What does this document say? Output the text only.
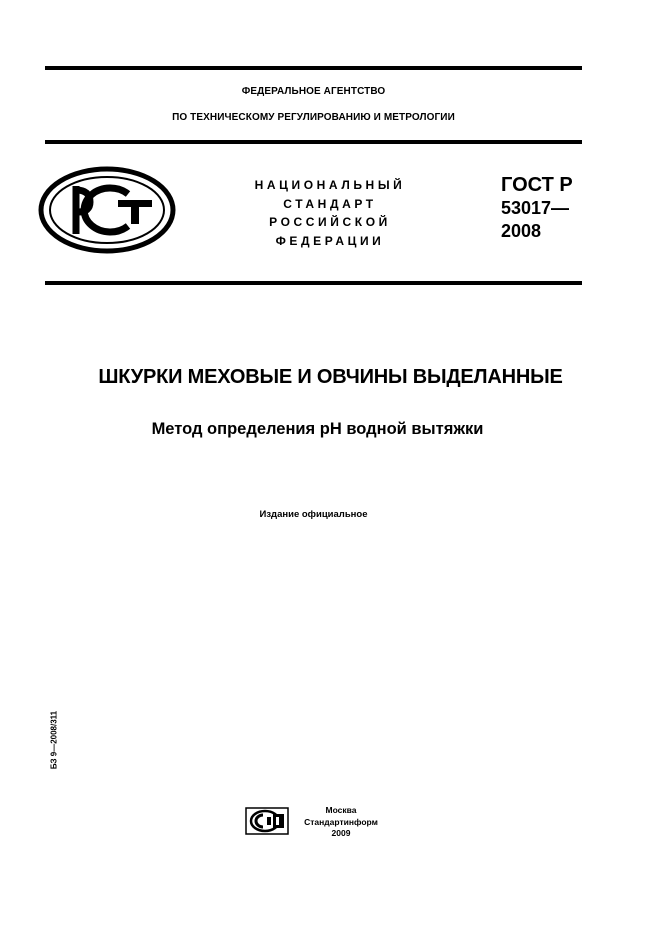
ФЕДЕРАЛЬНОЕ АГЕНТСТВО
ПО ТЕХНИЧЕСКОМУ РЕГУЛИРОВАНИЮ И МЕТРОЛОГИИ
НАЦИОНАЛЬНЫЙ
СТАНДАРТ
РОССИЙСКОЙ
ФЕДЕРАЦИИ
ГОСТ Р
53017—
2008
ШКУРКИ МЕХОВЫЕ И ОВЧИНЫ ВЫДЕЛАННЫЕ
Метод определения pH водной вытяжки
Издание официальное
БЗ 9—2008/311
Москва
Стандартинформ
2009
